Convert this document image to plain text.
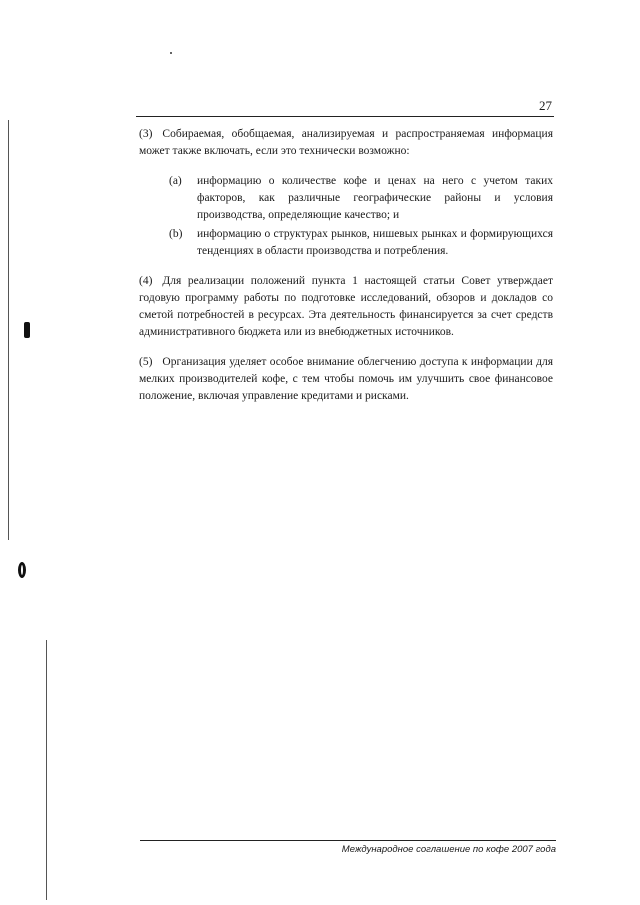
27

(3) Собираемая, обобщаемая, анализируемая и распространяемая информация может также включать, если это технически возможно:

(a)	информацию о количестве кофе и ценах на него с учетом таких факторов, как различные географические районы и условия производства, определяющие качество; и
(b)	информацию о структурах рынков, нишевых рынках и формирующихся тенденциях в области производства и потребления.

(4) Для реализации положений пункта 1 настоящей статьи Совет утверждает годовую программу работы по подготовке исследований, обзоров и докладов со сметой потребностей в ресурсах. Эта деятельность финансируется за счет средств административного бюджета или из внебюджетных источников.

(5) Организация уделяет особое внимание облегчению доступа к информации для мелких производителей кофе, с тем чтобы помочь им улучшить свое финансовое положение, включая управление кредитами и рисками.

Международное соглашение по кофе 2007 года
